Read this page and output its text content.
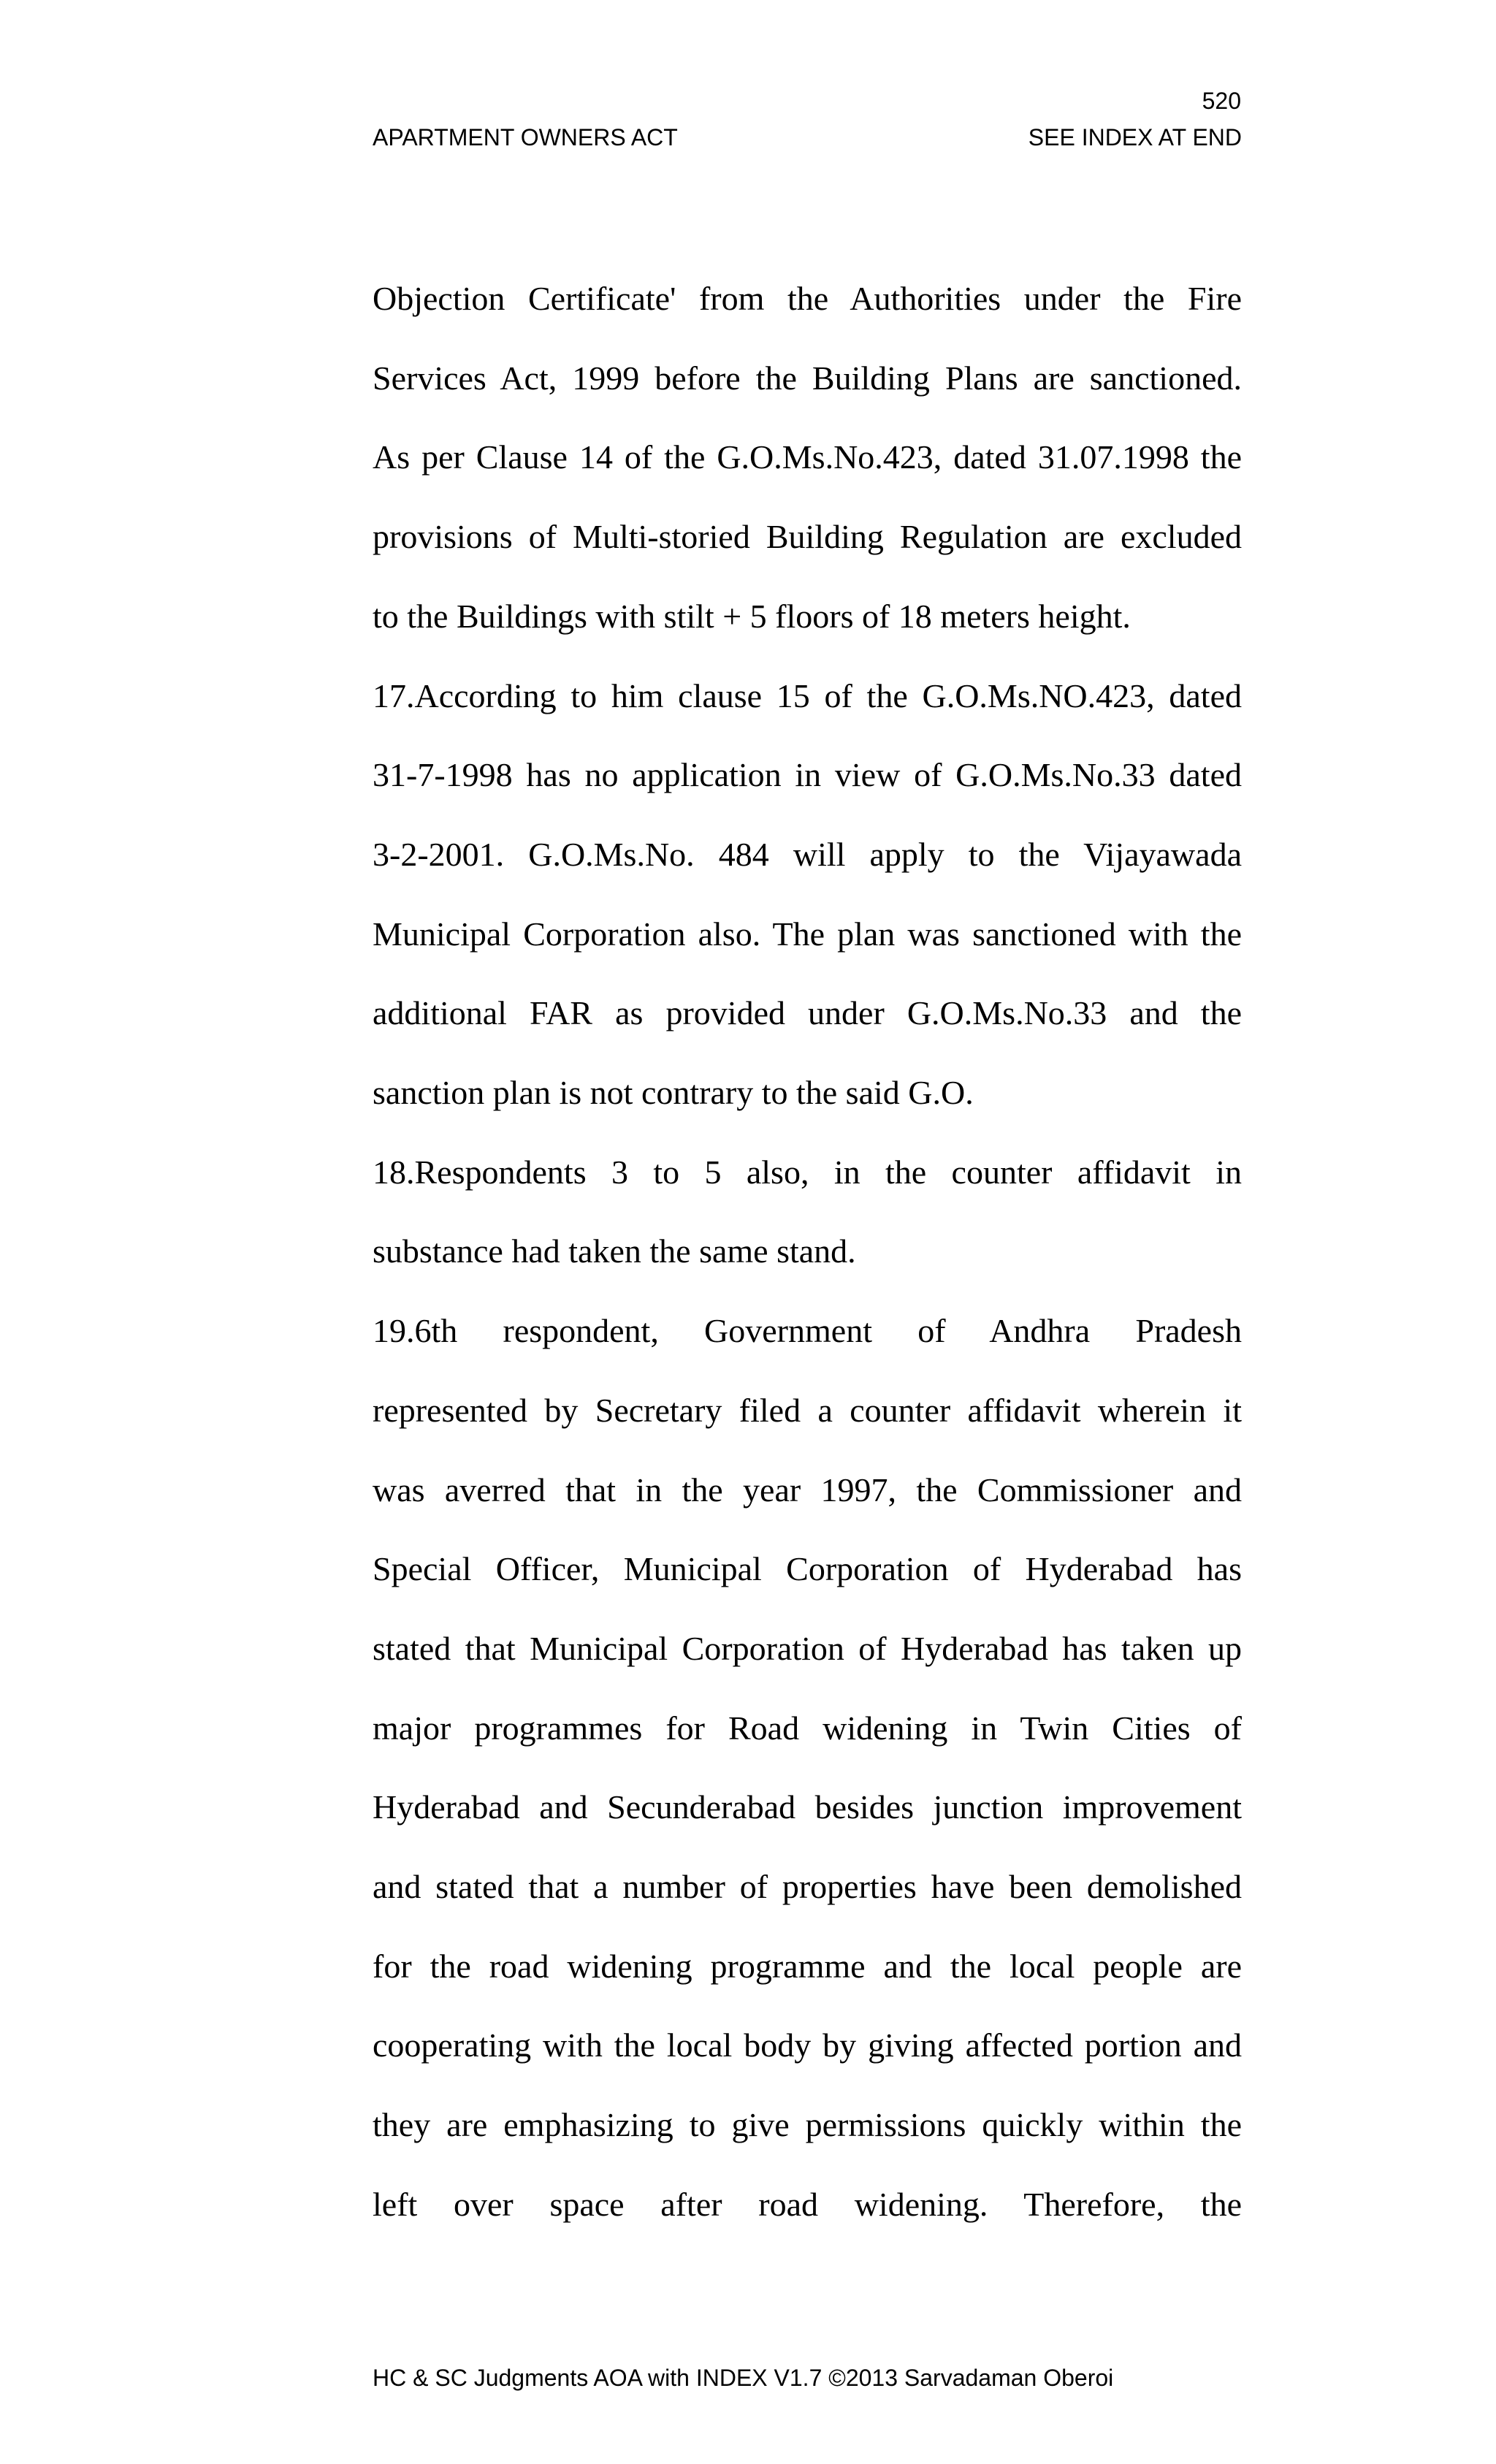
520
APARTMENT OWNERS ACT	SEE INDEX AT END

Objection Certificate' from the Authorities under the Fire

Services Act, 1999 before the Building Plans are sanctioned.

As per Clause 14 of the G.O.Ms.No.423, dated 31.07.1998 the

provisions of Multi-storied Building Regulation are excluded

to the Buildings with stilt + 5 floors of 18 meters height.

17.According to him clause 15 of the G.O.Ms.NO.423, dated

31-7-1998 has no application in view of G.O.Ms.No.33 dated

3-2-2001. G.O.Ms.No. 484 will apply to the Vijayawada

Municipal Corporation also. The plan was sanctioned with the

additional FAR as provided under G.O.Ms.No.33 and the

sanction plan is not contrary to the said G.O.

18.Respondents 3 to 5 also, in the counter affidavit in

substance had taken the same stand.

19.6th respondent, Government of Andhra Pradesh

represented by Secretary filed a counter affidavit wherein it

was averred that in the year 1997, the Commissioner and

Special Officer, Municipal Corporation of Hyderabad has

stated that Municipal Corporation of Hyderabad has taken up

major programmes for Road widening in Twin Cities of

Hyderabad and Secunderabad besides junction improvement

and stated that a number of properties have been demolished

for the road widening programme and the local people are

cooperating with the local body by giving affected portion and

they are emphasizing to give permissions quickly within the

left over space after road widening. Therefore, the

HC & SC Judgments AOA with INDEX V1.7 ©2013 Sarvadaman Oberoi
